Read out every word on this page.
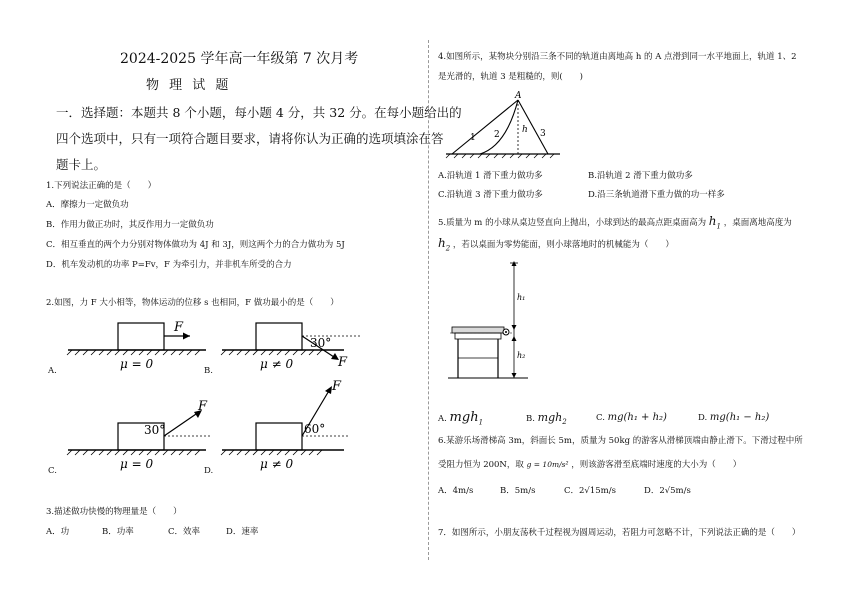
2024-2025 学年高一年级第 7 次月考
物 理 试 题
一．选择题：本题共 8 个小题，每小题 4 分，共 32 分。在每小题给出的
四个选项中，只有一项符合题目要求，请将你认为正确的选项填涂在答
题卡上。
1.下列说法正确的是（　　）
A．摩擦力一定做负功
B．作用力做正功时，其反作用力一定做负功
C．相互垂直的两个力分别对物体做功为 4J 和 3J，则这两个力的合力做功为 5J
D．机车发动机的功率 P=Fv，F 为牵引力，并非机车所受的合力
2.如图，力 F 大小相等，物体运动的位移 s 也相同，F 做功最小的是（　　）
F
μ = 0
A.
30°
F
μ ≠ 0
B.
30°
F
μ = 0
C.
60°
F
μ ≠ 0
D.
3.描述做功快慢的物理量是（　　）
A．功	B．功率	C．效率	D．速率
4.如图所示，某物块分别沿三条不同的轨道由离地高 h 的 A 点滑到同一水平地面上，轨道 1、2
是光滑的，轨道 3 是粗糙的，则(　　)
A
1 2 h 3
A.沿轨道 1 滑下重力做功多	B.沿轨道 2 滑下重力做功多
C.沿轨道 3 滑下重力做功多	D.沿三条轨道滑下重力做的功一样多
5.质量为 m 的小球从桌边竖直向上抛出，小球到达的最高点距桌面高为 $h_1$ ，桌面离地高度为
$h_2$ ，若以桌面为零势能面，则小球落地时的机械能为（　　）
h₁
h₂
A. mgh$_1$	B. mgh$_2$	C. mg(h₁ + h₂)	D. mg(h₁ − h₂)
6.某游乐场滑梯高 3m，斜面长 5m，质量为 50kg 的游客从滑梯顶端由静止滑下。下滑过程中所
受阻力恒为 200N，取 g = 10m/s² ，则该游客滑至底端时速度的大小为（　　）
A．4m/s	B．5m/s	C．2√15m/s	D．2√5m/s
7．如图所示，小朋友荡秋千过程视为圆周运动，若阻力可忽略不计，下列说法正确的是（　　）
